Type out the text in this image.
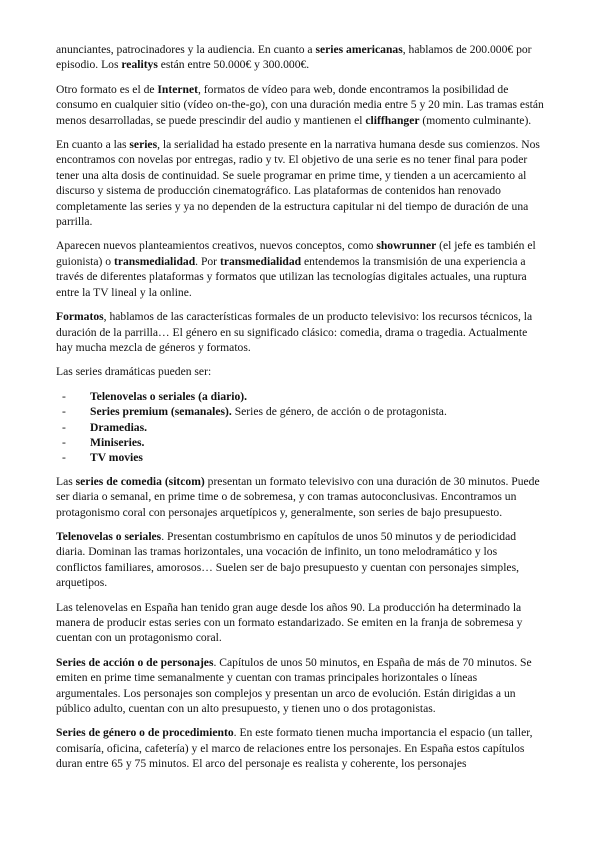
anunciantes, patrocinadores y la audiencia. En cuanto a series americanas, hablamos de 200.000€ por episodio. Los realitys están entre 50.000€ y 300.000€.

Otro formato es el de Internet, formatos de vídeo para web, donde encontramos la posibilidad de consumo en cualquier sitio (vídeo on-the-go), con una duración media entre 5 y 20 min. Las tramas están menos desarrolladas, se puede prescindir del audio y mantienen el cliffhanger (momento culminante).

En cuanto a las series, la serialidad ha estado presente en la narrativa humana desde sus comienzos. Nos encontramos con novelas por entregas, radio y tv. El objetivo de una serie es no tener final para poder tener una alta dosis de continuidad. Se suele programar en prime time, y tienden a un acercamiento al discurso y sistema de producción cinematográfico. Las plataformas de contenidos han renovado completamente las series y ya no dependen de la estructura capitular ni del tiempo de duración de una parrilla.

Aparecen nuevos planteamientos creativos, nuevos conceptos, como showrunner (el jefe es también el guionista) o transmedialidad. Por transmedialidad entendemos la transmisión de una experiencia a través de diferentes plataformas y formatos que utilizan las tecnologías digitales actuales, una ruptura entre la TV lineal y la online.

Formatos, hablamos de las características formales de un producto televisivo: los recursos técnicos, la duración de la parrilla… El género en su significado clásico: comedia, drama o tragedia. Actualmente hay mucha mezcla de géneros y formatos.

Las series dramáticas pueden ser:

- Telenovelas o seriales (a diario).
- Series premium (semanales). Series de género, de acción o de protagonista.
- Dramedias.
- Miniseries.
- TV movies

Las series de comedia (sitcom) presentan un formato televisivo con una duración de 30 minutos. Puede ser diaria o semanal, en prime time o de sobremesa, y con tramas autoconclusivas. Encontramos un protagonismo coral con personajes arquetípicos y, generalmente, son series de bajo presupuesto.

Telenovelas o seriales. Presentan costumbrismo en capítulos de unos 50 minutos y de periodicidad diaria. Dominan las tramas horizontales, una vocación de infinito, un tono melodramático y los conflictos familiares, amorosos… Suelen ser de bajo presupuesto y cuentan con personajes simples, arquetipos.

Las telenovelas en España han tenido gran auge desde los años 90. La producción ha determinado la manera de producir estas series con un formato estandarizado. Se emiten en la franja de sobremesa y cuentan con un protagonismo coral.

Series de acción o de personajes. Capítulos de unos 50 minutos, en España de más de 70 minutos. Se emiten en prime time semanalmente y cuentan con tramas principales horizontales o líneas argumentales. Los personajes son complejos y presentan un arco de evolución. Están dirigidas a un público adulto, cuentan con un alto presupuesto, y tienen uno o dos protagonistas.

Series de género o de procedimiento. En este formato tienen mucha importancia el espacio (un taller, comisaría, oficina, cafetería) y el marco de relaciones entre los personajes. En España estos capítulos duran entre 65 y 75 minutos. El arco del personaje es realista y coherente, los personajes
